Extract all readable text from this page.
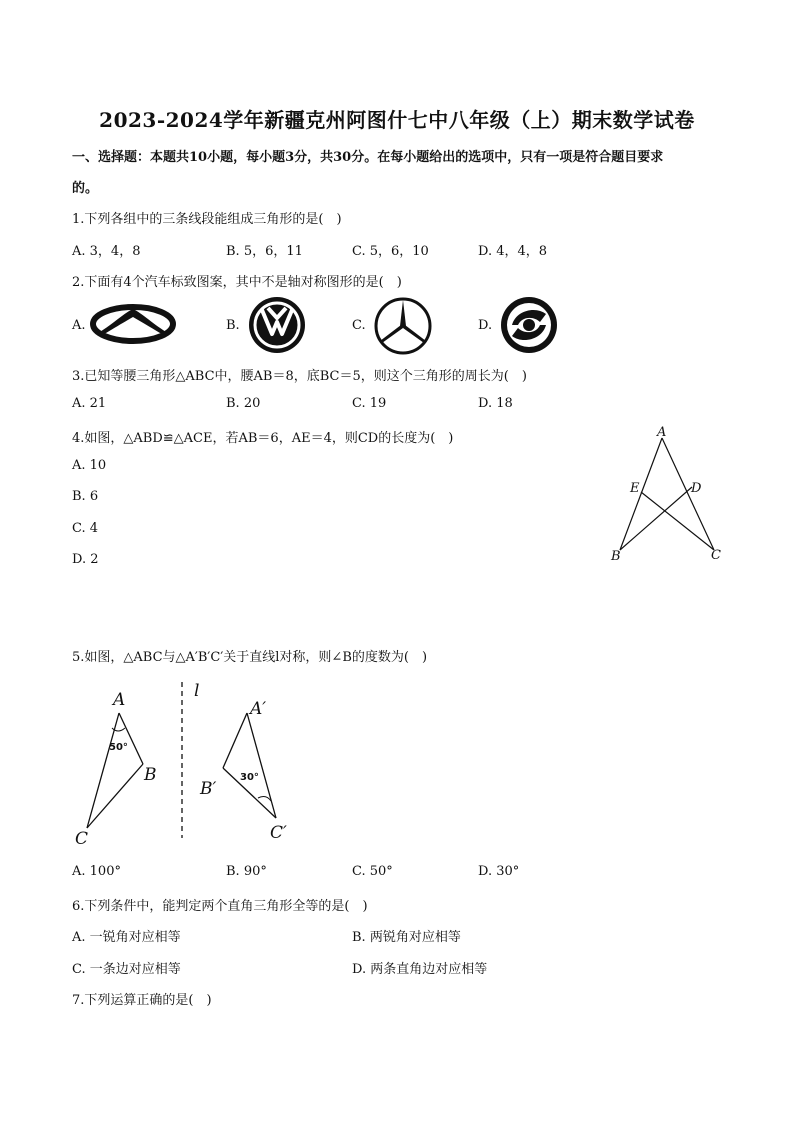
2023-2024学年新疆克州阿图什七中八年级（上）期末数学试卷
一、选择题：本题共10小题，每小题3分，共30分。在每小题给出的选项中，只有一项是符合题目要求
的。
1.下列各组中的三条线段能组成三角形的是(　)
A. 3，4，8	B. 5，6，11	C. 5，6，10	D. 4，4，8
2.下面有4个汽车标致图案，其中不是轴对称图形的是(　)
A.	B.	C.	D.
3.已知等腰三角形△ABC中，腰AB＝8，底BC＝5，则这个三角形的周长为(　)
A. 21	B. 20	C. 19	D. 18
4.如图，△ABD≌△ACE，若AB＝6，AE＝4，则CD的长度为(　)
A. 10
B. 6
C. 4
D. 2
A
E	D
B	C
5.如图，△ABC与△A′B′C′关于直线l对称，则∠B的度数为(　)
50°
A
B
C
l
30°
A′
B′
C′
A. 100°	B. 90°	C. 50°	D. 30°
6.下列条件中，能判定两个直角三角形全等的是(　)
A. 一锐角对应相等	B. 两锐角对应相等
C. 一条边对应相等	D. 两条直角边对应相等
7.下列运算正确的是(　)
